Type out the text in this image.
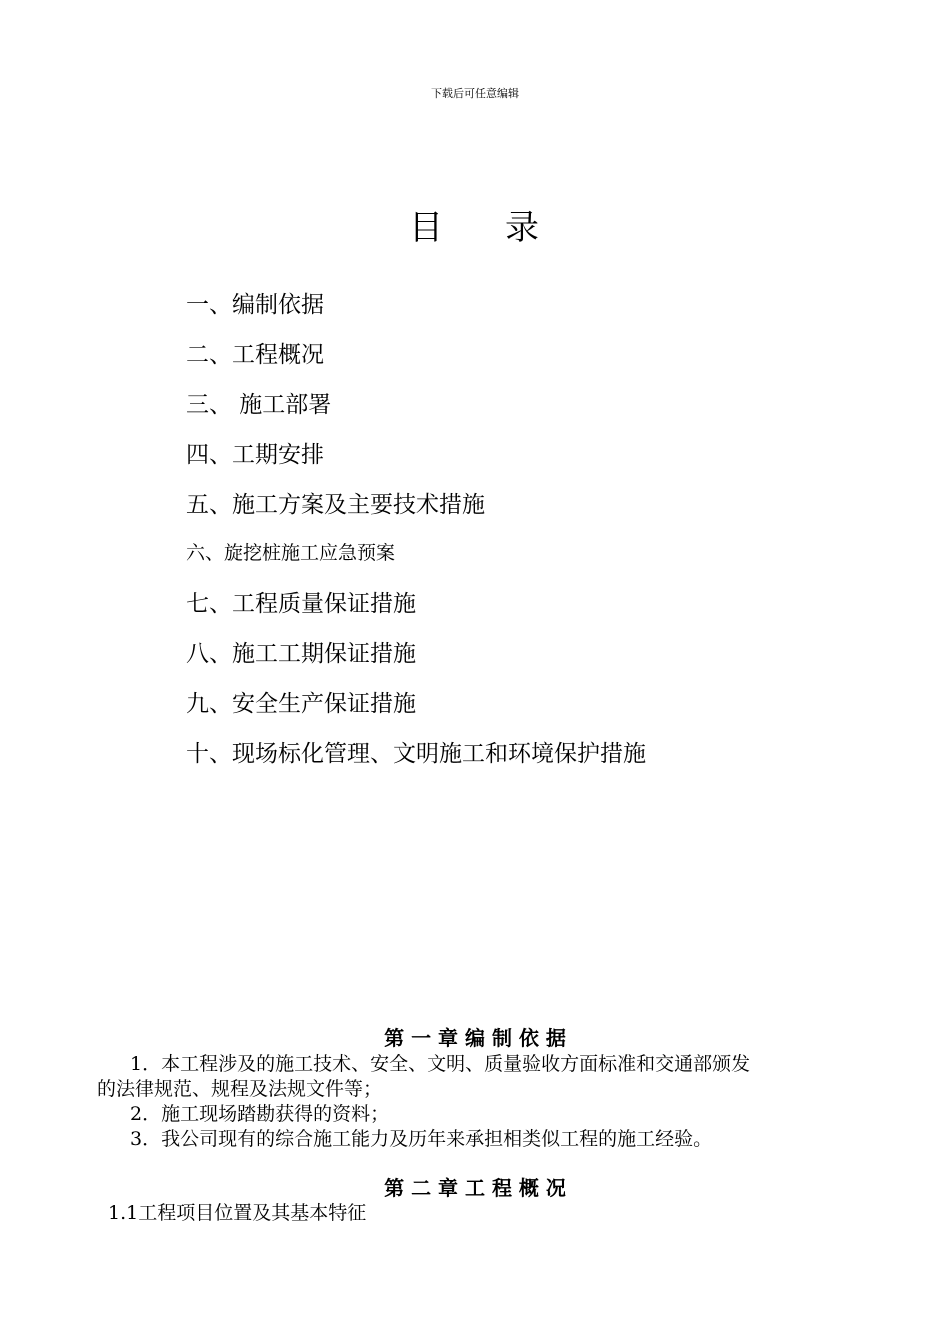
下载后可任意编辑
目 录
一、编制依据
二、工程概况
三、 施工部署
四、工期安排
五、施工方案及主要技术措施
六、旋挖桩施工应急预案
七、工程质量保证措施
八、施工工期保证措施
九、安全生产保证措施
十、现场标化管理、文明施工和环境保护措施
第 一 章 编 制 依 据
1．本工程涉及的施工技术、安全、文明、质量验收方面标准和交通部颁发
的法律规范、规程及法规文件等；
2．施工现场踏勘获得的资料；
3．我公司现有的综合施工能力及历年来承担相类似工程的施工经验。
第 二 章 工 程 概 况
1.1工程项目位置及其基本特征
